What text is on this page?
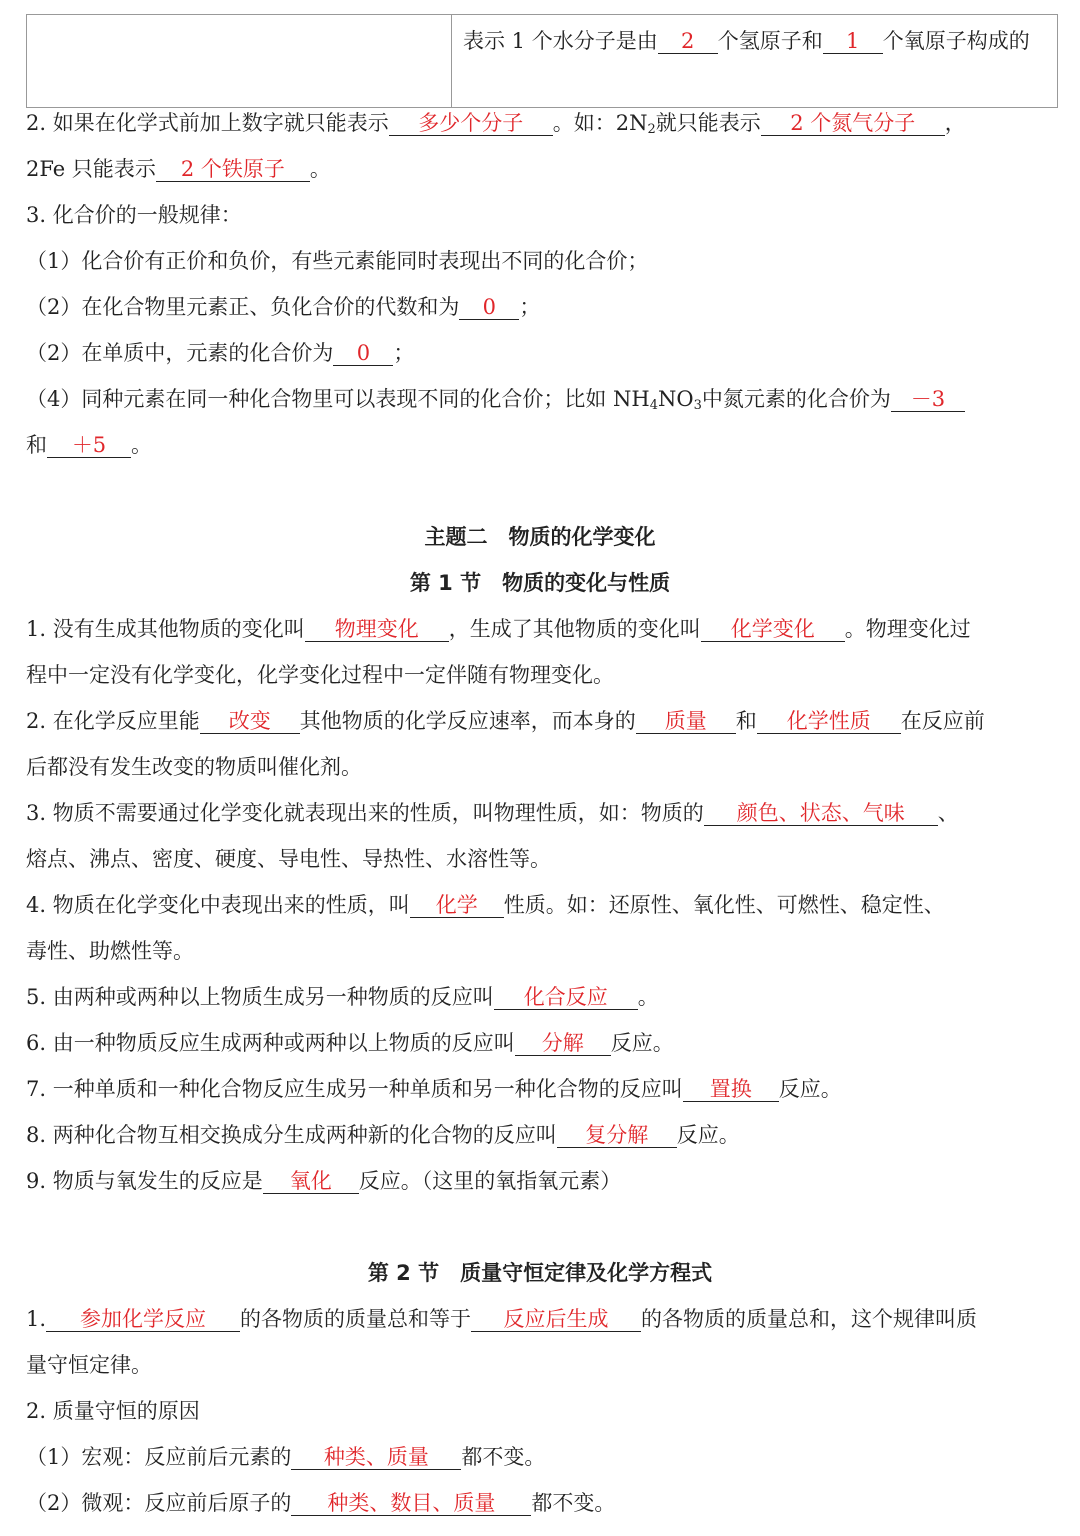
表示 1 个水分子是由 2 个氢原子和 1 个氧原子构成的
2. 如果在化学式前加上数字就只能表示 多少个分子 。如：$2N_2$就只能表示 2 个氮气分子 ，
2Fe 只能表示 2 个铁原子 。
3. 化合价的一般规律：
（1）化合价有正价和负价，有些元素能同时表现出不同的化合价；
（2）在化合物里元素正、负化合价的代数和为 0 ；
（2）在单质中，元素的化合价为 0 ；
（4）同种元素在同一种化合物里可以表现不同的化合价；比如 $NH_4NO_3$中氮元素的化合价为 －3
和 ＋5 。
主题二　物质的化学变化
第 1 节　物质的变化与性质
1. 没有生成其他物质的变化叫 物理变化 ，生成了其他物质的变化叫 化学变化 。物理变化过
程中一定没有化学变化，化学变化过程中一定伴随有物理变化。
2. 在化学反应里能 改变 其他物质的化学反应速率，而本身的 质量 和 化学性质 在反应前
后都没有发生改变的物质叫催化剂。
3. 物质不需要通过化学变化就表现出来的性质，叫物理性质，如：物质的 颜色、状态、气味 、
熔点、沸点、密度、硬度、导电性、导热性、水溶性等。
4. 物质在化学变化中表现出来的性质，叫 化学 性质。如：还原性、氧化性、可燃性、稳定性、
毒性、助燃性等。
5. 由两种或两种以上物质生成另一种物质的反应叫 化合反应 。
6. 由一种物质反应生成两种或两种以上物质的反应叫 分解 反应。
7. 一种单质和一种化合物反应生成另一种单质和另一种化合物的反应叫 置换 反应。
8. 两种化合物互相交换成分生成两种新的化合物的反应叫 复分解 反应。
9. 物质与氧发生的反应是 氧化 反应。（这里的氧指氧元素）
第 2 节　质量守恒定律及化学方程式
1. 参加化学反应 的各物质的质量总和等于 反应后生成 的各物质的质量总和，这个规律叫质
量守恒定律。
2. 质量守恒的原因
（1）宏观：反应前后元素的 种类、质量 都不变。
（2）微观：反应前后原子的 种类、数目、质量 都不变。
